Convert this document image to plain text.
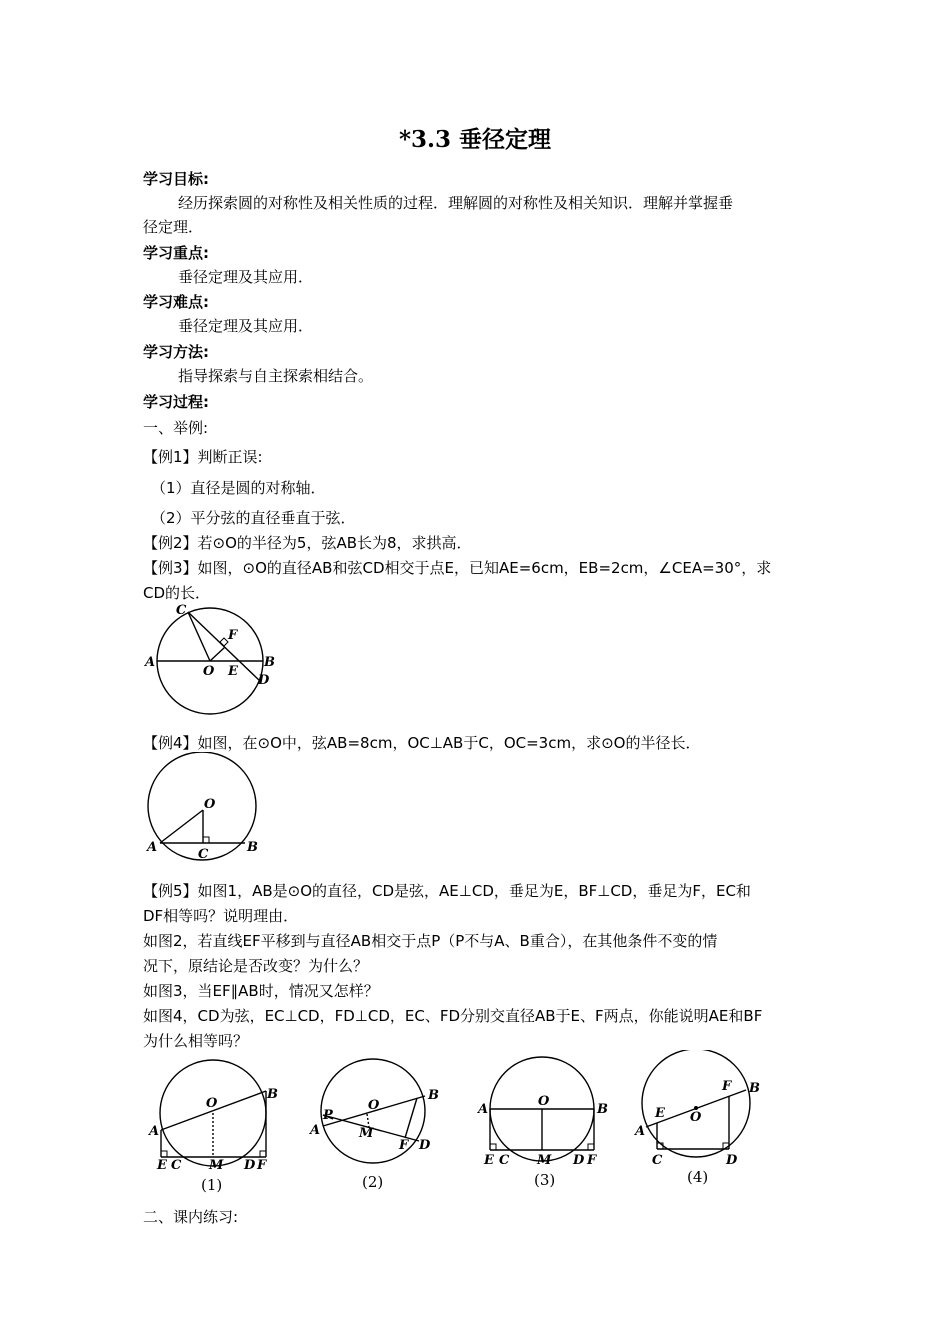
*3.3 垂径定理
学习目标:
经历探索圆的对称性及相关性质的过程．理解圆的对称性及相关知识．理解并掌握垂
径定理．
学习重点:
垂径定理及其应用．
学习难点:
垂径定理及其应用．
学习方法:
指导探索与自主探索相结合。
学习过程:
一、举例:
【例1】判断正误:
（1）直径是圆的对称轴．
（2）平分弦的直径垂直于弦．
【例2】若⊙O的半径为5，弦AB长为8，求拱高．
【例3】如图，⊙O的直径AB和弦CD相交于点E，已知AE=6cm，EB=2cm，∠CEA=30°，求
CD的长．
C
F
A	B
O E
D
【例4】如图，在⊙O中，弦AB=8cm，OC⊥AB于C，OC=3cm，求⊙O的半径长．
O
A	C	B
【例5】如图1，AB是⊙O的直径，CD是弦，AE⊥CD，垂足为E，BF⊥CD，垂足为F，EC和
DF相等吗？说明理由．
如图2，若直线EF平移到与直径AB相交于点P（P不与A、B重合），在其他条件不变的情
况下，原结论是否改变？为什么？
如图3，当EF∥AB时，情况又怎样？
如图4，CD为弦，EC⊥CD，FD⊥CD，EC、FD分别交直径AB于E、F两点，你能说明AE和BF
为什么相等吗？
O
B
A
E C M D F
(1)
O
B
P
A	M
F D
(2)
O
A	B
E C M D F
(3)
F B
E O
A
C	D
(4)
二、课内练习:
